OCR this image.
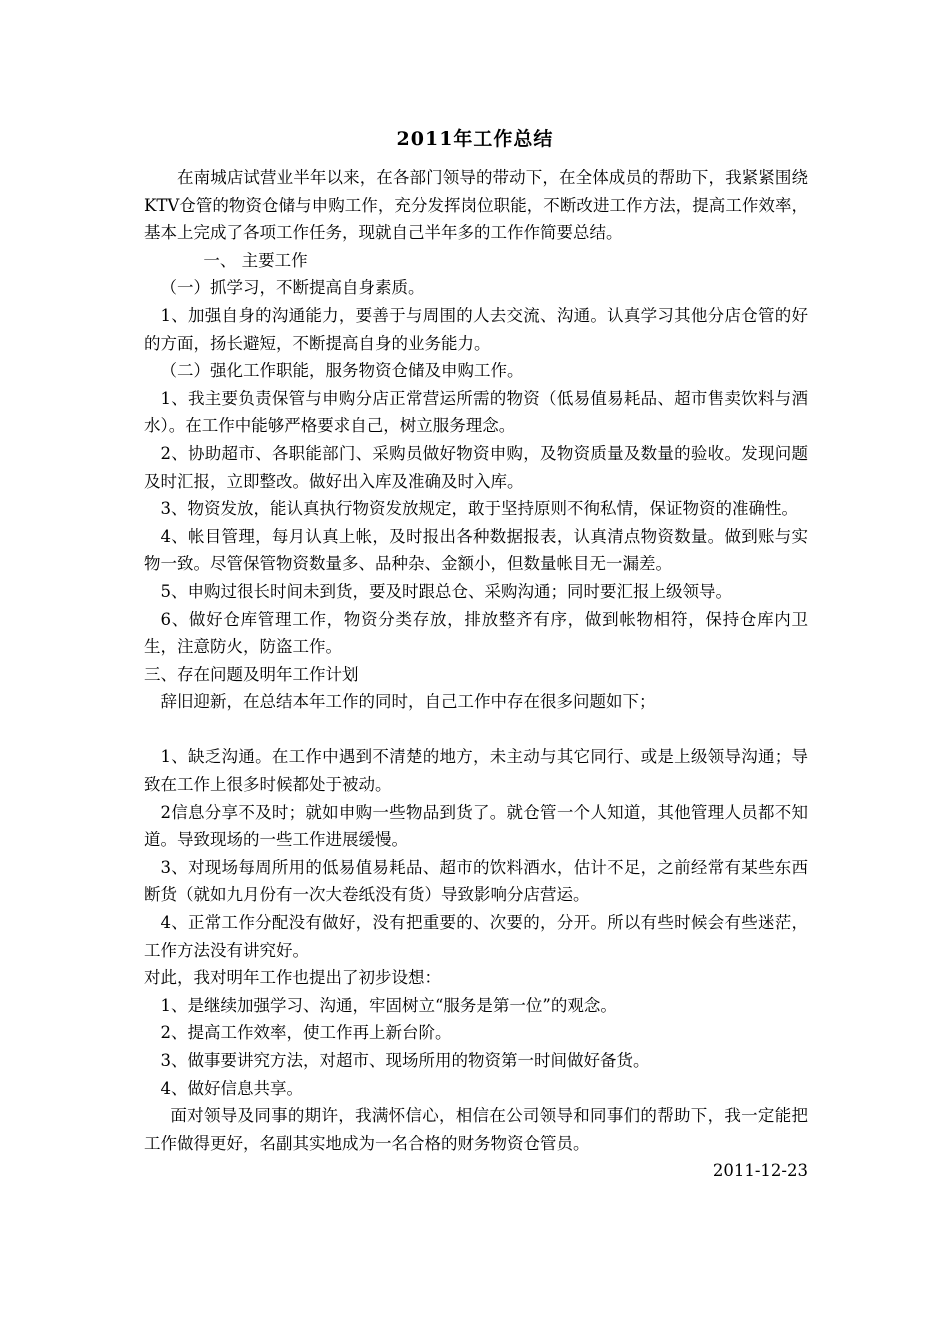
2011年工作总结

在南城店试营业半年以来，在各部门领导的带动下，在全体成员的帮助下，我紧紧围绕KTV仓管的物资仓储与申购工作，充分发挥岗位职能，不断改进工作方法，提高工作效率，基本上完成了各项工作任务，现就自己半年多的工作作简要总结。

一、 主要工作

（一）抓学习，不断提高自身素质。

1、加强自身的沟通能力，要善于与周围的人去交流、沟通。认真学习其他分店仓管的好的方面，扬长避短，不断提高自身的业务能力。

（二）强化工作职能，服务物资仓储及申购工作。

1、我主要负责保管与申购分店正常营运所需的物资（低易值易耗品、超市售卖饮料与酒水）。在工作中能够严格要求自己，树立服务理念。

2、协助超市、各职能部门、采购员做好物资申购，及物资质量及数量的验收。发现问题及时汇报，立即整改。做好出入库及准确及时入库。

3、物资发放，能认真执行物资发放规定，敢于坚持原则不徇私情，保证物资的准确性。

4、帐目管理，每月认真上帐，及时报出各种数据报表，认真清点物资数量。做到账与实物一致。尽管保管物资数量多、品种杂、金额小，但数量帐目无一漏差。

5、申购过很长时间未到货，要及时跟总仓、采购沟通；同时要汇报上级领导。

6、做好仓库管理工作，物资分类存放，排放整齐有序，做到帐物相符，保持仓库内卫生，注意防火，防盗工作。

三、存在问题及明年工作计划

辞旧迎新，在总结本年工作的同时，自己工作中存在很多问题如下；

1、缺乏沟通。在工作中遇到不清楚的地方，未主动与其它同行、或是上级领导沟通；导致在工作上很多时候都处于被动。

2信息分享不及时；就如申购一些物品到货了。就仓管一个人知道，其他管理人员都不知道。导致现场的一些工作进展缓慢。

3、对现场每周所用的低易值易耗品、超市的饮料酒水，估计不足，之前经常有某些东西断货（就如九月份有一次大卷纸没有货）导致影响分店营运。

4、正常工作分配没有做好，没有把重要的、次要的，分开。所以有些时候会有些迷茫，工作方法没有讲究好。

对此，我对明年工作也提出了初步设想：

1、是继续加强学习、沟通，牢固树立“服务是第一位”的观念。

2、提高工作效率，使工作再上新台阶。

3、做事要讲究方法，对超市、现场所用的物资第一时间做好备货。

4、做好信息共享。

面对领导及同事的期许，我满怀信心，相信在公司领导和同事们的帮助下，我一定能把工作做得更好，名副其实地成为一名合格的财务物资仓管员。

2011-12-23
